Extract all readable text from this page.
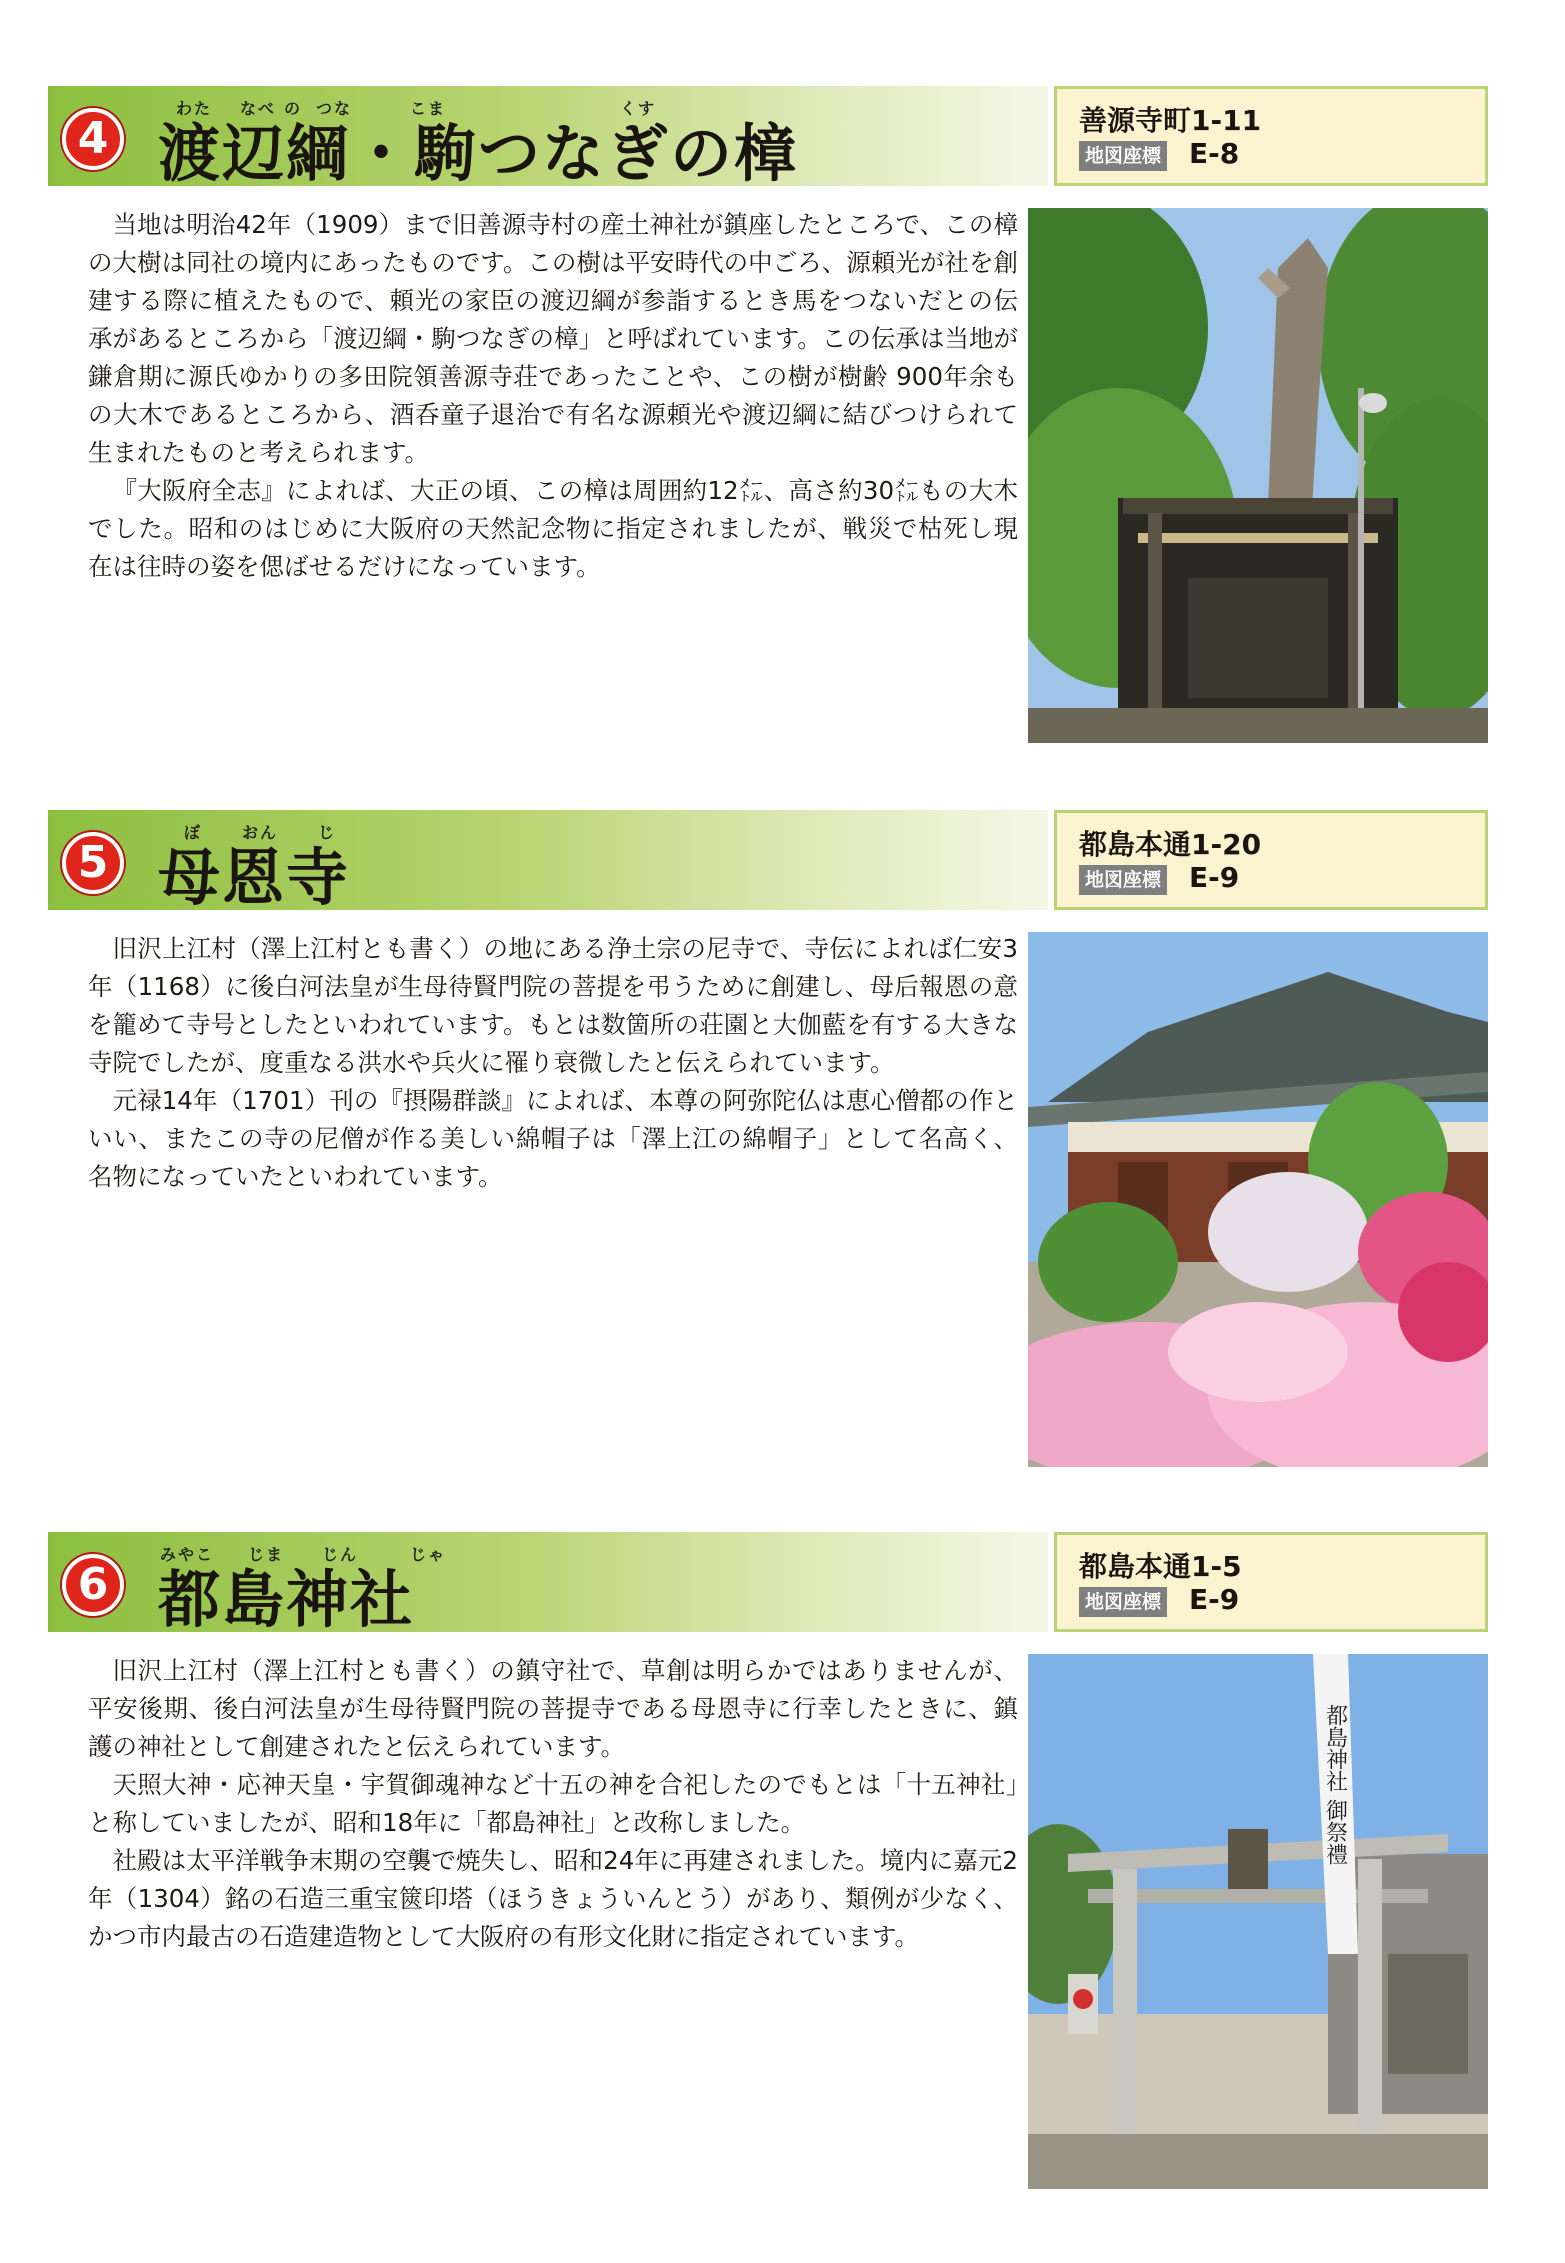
4 渡辺綱・駒つなぎの樟
わた なべ の つな	こま	くす	善源寺町1-11
地図座標 E-8

当地は明治42年（1909）まで旧善源寺村の産土神社が鎮座したところで、この樟の大樹は同社の境内にあったものです。この樹は平安時代の中ごろ、源頼光が社を創建する際に植えたもので、頼光の家臣の渡辺綱が参詣するとき馬をつないだとの伝承があるところから「渡辺綱・駒つなぎの樟」と呼ばれています。この伝承は当地が鎌倉期に源氏ゆかりの多田院領善源寺荘であったことや、この樹が樹齢 900年余もの大木であるところから、酒呑童子退治で有名な源頼光や渡辺綱に結びつけられて生まれたものと考えられます。

『大阪府全志』によれば、大正の頃、この樟は周囲約12㍍、高さ約30㍍もの大木でした。昭和のはじめに大阪府の天然記念物に指定されましたが、戦災で枯死し現在は往時の姿を偲ばせるだけになっています。

5 母恩寺
ぼ おん じ	都島本通1-20
地図座標 E-9

旧沢上江村（澤上江村とも書く）の地にある浄土宗の尼寺で、寺伝によれば仁安3年（1168）に後白河法皇が生母待賢門院の菩提を弔うために創建し、母后報恩の意を籠めて寺号としたといわれています。もとは数箇所の荘園と大伽藍を有する大きな寺院でしたが、度重なる洪水や兵火に罹り衰微したと伝えられています。

元禄14年（1701）刊の『摂陽群談』によれば、本尊の阿弥陀仏は恵心僧都の作といい、またこの寺の尼僧が作る美しい綿帽子は「澤上江の綿帽子」として名高く、名物になっていたといわれています。

6 都島神社
みやこ じま じん	じゃ	都島本通1-5
地図座標 E-9

旧沢上江村（澤上江村とも書く）の鎮守社で、草創は明らかではありませんが、平安後期、後白河法皇が生母待賢門院の菩提寺である母恩寺に行幸したときに、鎮護の神社として創建されたと伝えられています。

天照大神・応神天皇・宇賀御魂神など十五の神を合祀したのでもとは「十五神社」と称していましたが、昭和18年に「都島神社」と改称しました。

社殿は太平洋戦争末期の空襲で焼失し、昭和24年に再建されました。境内に嘉元2年（1304）銘の石造三重宝篋印塔（ほうきょういんとう）があり、類例が少なく、かつ市内最古の石造建造物として大阪府の有形文化財に指定されています。

都島神社 御祭禮
